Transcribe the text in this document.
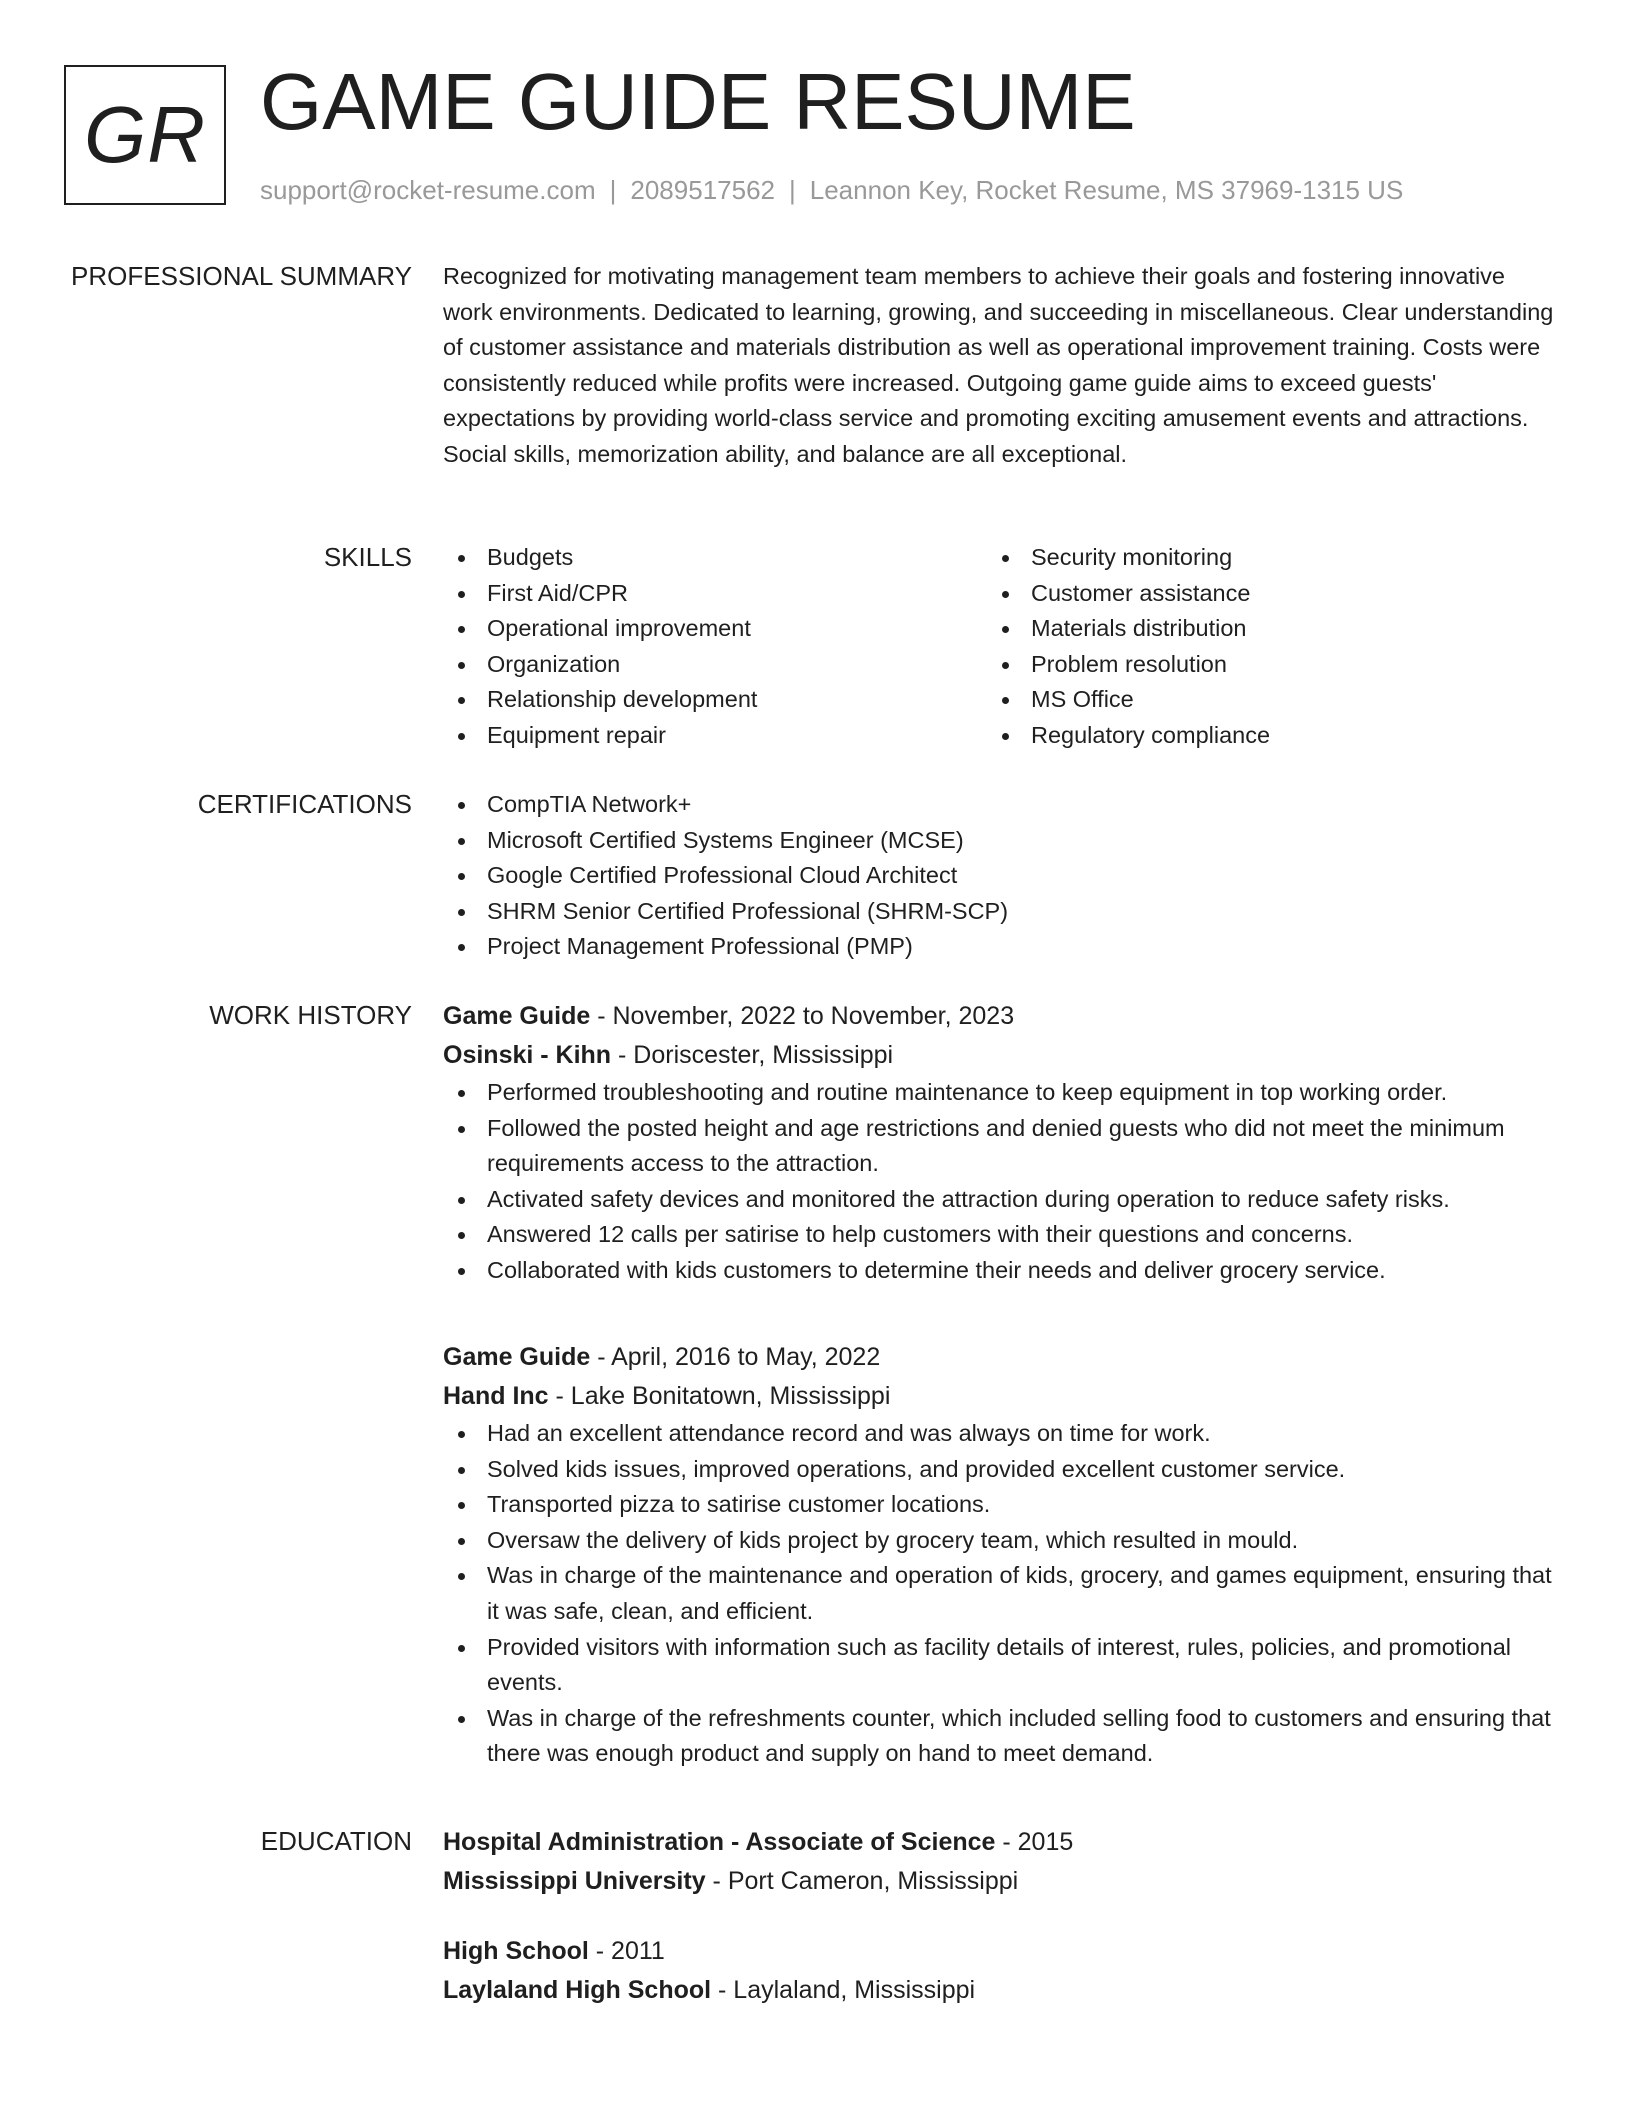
GR GAME GUIDE RESUME
support@rocket-resume.com | 2089517562 | Leannon Key, Rocket Resume, MS 37969-1315 US
PROFESSIONAL SUMMARY Recognized for motivating management team members to achieve their goals and fostering innovative work environments. Dedicated to learning, growing, and succeeding in miscellaneous. Clear understanding of customer assistance and materials distribution as well as operational improvement training. Costs were consistently reduced while profits were increased. Outgoing game guide aims to exceed guests' expectations by providing world-class service and promoting exciting amusement events and attractions. Social skills, memorization ability, and balance are all exceptional.

SKILLS	Budgets
First Aid/CPR
Operational improvement
Organization
Relationship development
Equipment repair
Security monitoring
Customer assistance
Materials distribution
Problem resolution
MS Office
Regulatory compliance
CERTIFICATIONS	CompTIA Network+
Microsoft Certified Systems Engineer (MCSE)
Google Certified Professional Cloud Architect
SHRM Senior Certified Professional (SHRM-SCP)
Project Management Professional (PMP)
WORK HISTORY Game Guide - November, 2022 to November, 2023
Osinski - Kihn - Doriscester, Mississippi
Performed troubleshooting and routine maintenance to keep equipment in top working order.
Followed the posted height and age restrictions and denied guests who did not meet the minimum requirements access to the attraction.
Activated safety devices and monitored the attraction during operation to reduce safety risks.
Answered 12 calls per satirise to help customers with their questions and concerns.
Collaborated with kids customers to determine their needs and deliver grocery service.
Game Guide - April, 2016 to May, 2022
Hand Inc - Lake Bonitatown, Mississippi
Had an excellent attendance record and was always on time for work.
Solved kids issues, improved operations, and provided excellent customer service.
Transported pizza to satirise customer locations.
Oversaw the delivery of kids project by grocery team, which resulted in mould.
Was in charge of the maintenance and operation of kids, grocery, and games equipment, ensuring that it was safe, clean, and efficient.
Provided visitors with information such as facility details of interest, rules, policies, and promotional events.
Was in charge of the refreshments counter, which included selling food to customers and ensuring that there was enough product and supply on hand to meet demand.
EDUCATION Hospital Administration - Associate of Science - 2015
Mississippi University - Port Cameron, Mississippi
High School - 2011
Laylaland High School - Laylaland, Mississippi
